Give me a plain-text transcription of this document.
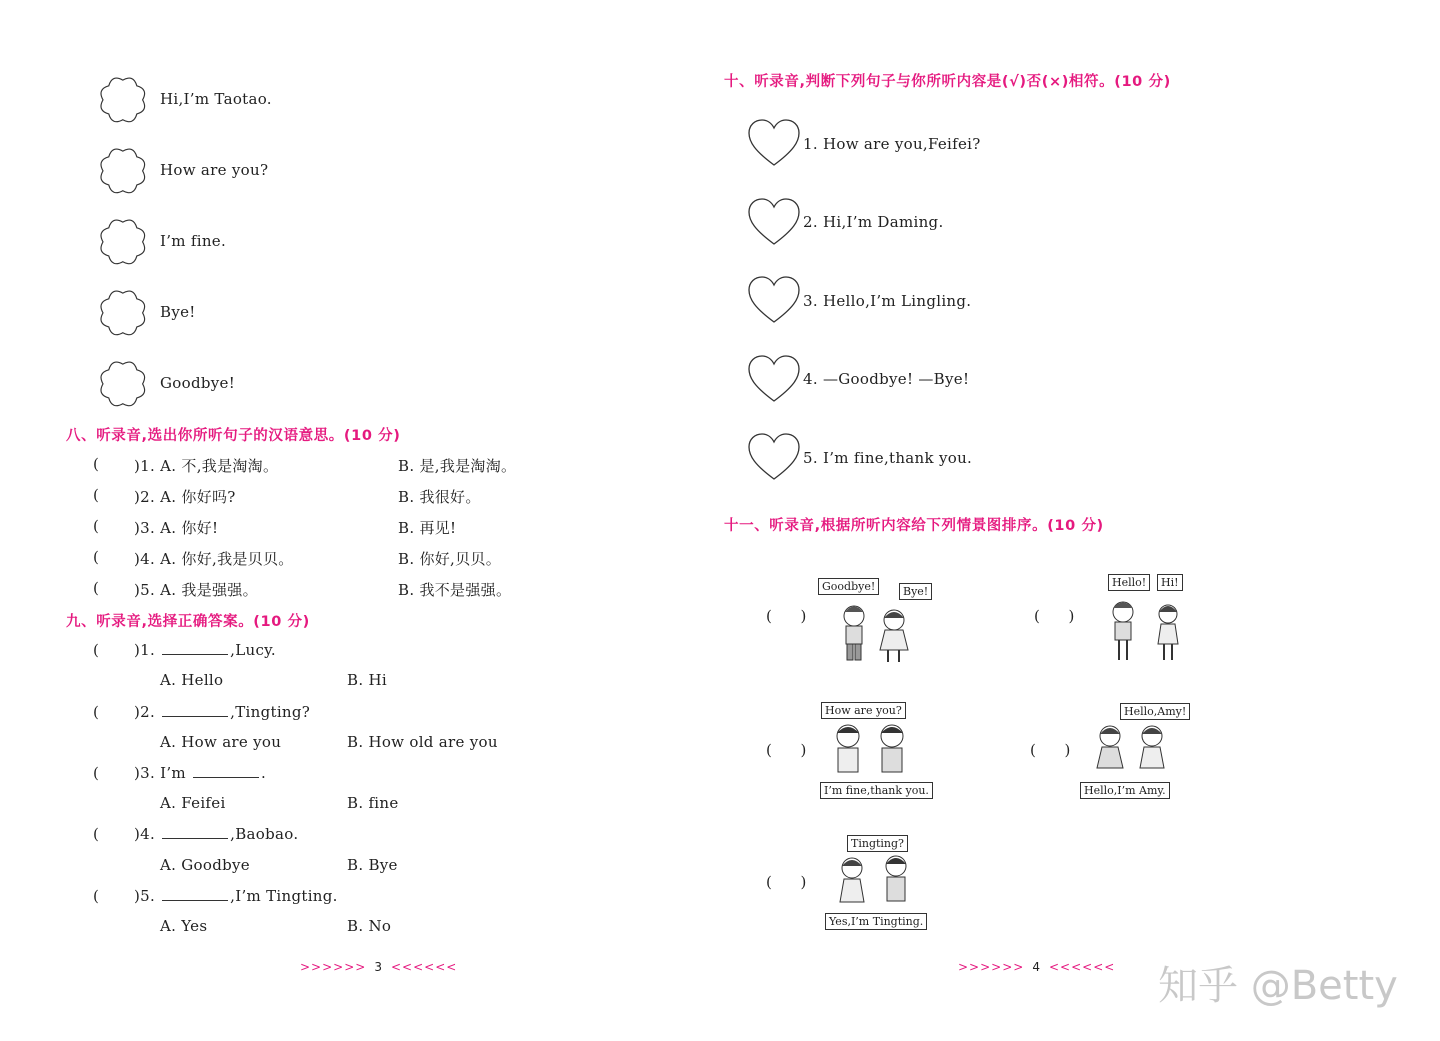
Hi,I’m Taotao.
How are you?
I’m fine.
Bye!
Goodbye!
八、听录音,选出你所听句子的汉语意思。(10 分)
( )1. A. 不,我是淘淘。	B. 是,我是淘淘。
( )2. A. 你好吗?	B. 我很好。
( )3. A. 你好!	B. 再见!
( )4. A. 你好,我是贝贝。	B. 你好,贝贝。
( )5. A. 我是强强。	B. 我不是强强。
九、听录音,选择正确答案。(10 分)
( )1.	,Lucy.
A. Hello	B. Hi
( )2.	,Tingting?
A. How are you	B. How old are you
( )3. I’m	.
A. Feifei	B. fine
( )4.	,Baobao.
A. Goodbye	B. Bye
( )5.	,I’m Tingting.
A. Yes	B. No
>>>>>> 3 <<<<<<
十、听录音,判断下列句子与你所听内容是(√)否(×)相符。(10 分)
1. How are you,Feifei?
2. Hi,I’m Daming.
3. Hello,I’m Lingling.
4. —Goodbye! —Bye!
5. I’m fine,thank you.
十一、听录音,根据所听内容给下列情景图排序。(10 分)
(      )
Goodbye!	Bye!
(      )
Hello!	Hi!
(      )
How are you?
I’m fine,thank you.
(      )
Hello,Amy!
Hello,I’m Amy.
(      )
Tingting?
Yes,I’m Tingting.
>>>>>> 4 <<<<<< 知乎 @Betty
